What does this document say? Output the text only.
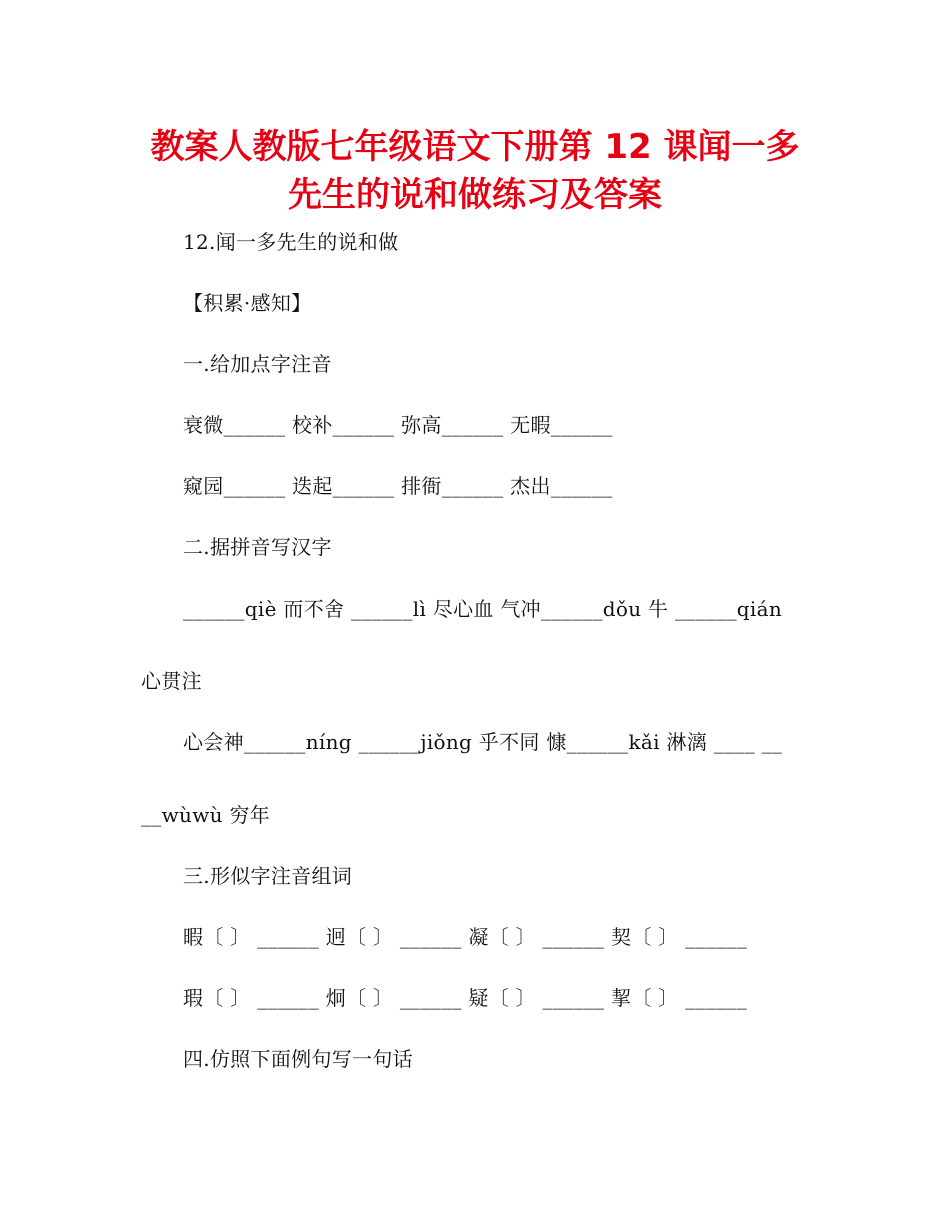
教案人教版七年级语文下册第 12 课闻一多
先生的说和做练习及答案
12.闻一多先生的说和做
【积累·感知】
一.给加点字注音
衰微______ 校补______ 弥高______ 无暇______
窥园______ 迭起______ 排衙______ 杰出______
二.据拼音写汉字
______qiè 而不舍 ______lì 尽心血 气冲______dǒu 牛 ______qián
心贯注
心会神______níng ______jiǒng 乎不同 慷______kǎi 淋漓 ____ __
__wùwù 穷年
三.形似字注音组词
暇〔 〕 ______ 迥〔 〕 ______ 凝〔 〕 ______ 契〔 〕 ______
瑕〔 〕 ______ 炯〔 〕 ______ 疑〔 〕 ______ 挈〔 〕 ______
四.仿照下面例句写一句话
